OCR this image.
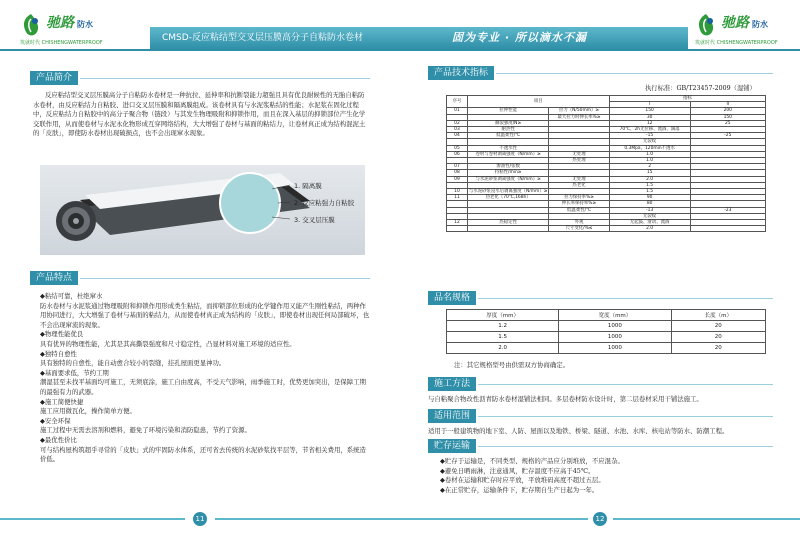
驰路 防水
筑就时代 CHISHENGWATERPROOF	CMSD-反应粘结型交叉层压膜高分子自粘防水卷材
产品简介
反应粘结型交叉层压膜高分子自粘防水卷材是一种抗拉、延伸率和抗断裂能力超强且具有优良耐候性的无胎自粘防水卷材，由反应粘结力自粘胶、进口交叉层压膜和隔离膜组成。该卷材具有与水泥浆粘结的性能；水泥浆在固化过程中，反应粘结力自粘胶中的高分子聚合物（链段）与其发生物理吸附和抑锁作用，而且在深入基层的抑锁部位产生化学交联作用，从而使卷材与水泥永化物形成互穿网络结构，大大增强了卷材与基面的粘结力，让卷材真正成为结构混泥土的「皮肤」，即使防水卷材出现破损点，也不会出现窜水现象。
1. 隔离膜
2. 反应粘强力自粘胶
3. 交叉层压膜
产品特点

◆粘结可靠，杜绝窜水

防水卷材与水泥浆通过物理吸附和抑锁作用形成类生粘结，而抑锁部位形成的化学键作用又能产生刚性粘结，两种作用协同进行，大大增强了卷材与基面的粘结力，从而使卷材真正成为结构的「皮肤」，即使卷材出现任何局部破坏，也不会出现窜流的现象。

◆物理性能优良

具有优异的物理性能，尤其是其高撕裂强度和尺寸稳定性，凸显材料对施工环境的适应性。

◆独特自愈性

具有独特的自愈性，能自动愈合较小的裂缝，挂孔屋面更显神功。

◆基面要求低，节约工期

潮湿甚至未找平基面均可施工，无须底涂，施工自由度高，不受天气影响，雨季施工时，优势更加突出，是保障工期的最强有力的武器。

◆施工简便快捷

施工应用微瓦化，操作简单方便。

◆安全环保

施工过程中无需去溶剂和燃料，避免了环境污染和消防隐患，节约了资源。

◆最优性价比

可与结构屋构筑超乎寻常的「皮肤」式的牢固防水体系，还可省去传统的水泥砂浆找平层等，节省相关费用，系统造价低。

11
固为专业 · 所以滴水不漏
驰路 防水
筑就时代 CHISHENGWATERPROOF
产品技术指标
执行标准：GB/T23457-2009（湿铺）
序号	项目		指标	
			I	II
01	拉伸性能	拉力（N/50mm）≥	150	200
		最大拉力时伸长率%≥	30	150
02	撕裂强度/N≥		12	25
03	耐热性		70℃，2h无位移、流淌、滴落	
04	低温柔性/℃		-15	-25
			无裂纹	
05	不透水性		0.3Mpa，120min不透水	
06	卷材与卷材剥离强度（N/mm）≥	无处理	1.0	
		热处理	1.0	
07	渗油性/张数		2	
08	持粘性/min≥		15	
09	与水泥砂浆剥离强度（N/mm）≥	无处理	2.0	
		热老化	1.5	
10	与水泥砂浆浸水后剥离强度（N/mm）≥		1.5	
11	热老化（70℃,168h）	拉力保持率%≥	90	
		伸长率保持率%≥	80	
		低温柔性/℃	-13	-23
			无裂纹	
12	热稳定性	外观	无起鼓、滑动、流淌	
		尺寸变化/%≤	2.0	
品名规格
厚度（mm）	宽度（mm）	长度（m）
1.2	1000	20
1.5	1000	20
2.0	1000	20
注：其它规格型号由供需双方协商确定。
施工方法
与自粘聚合物改性沥青防水卷材湿铺法相同。多层卷材防水设计时，第二层卷材采用干铺法施工。
适用范围
适用于一般建筑物的地下室、人防、屋面以及地铁、桥梁、隧道、水池、水库、核电站等防水、防潮工程。
贮存运输

◆贮存于运输是，不同类型、规格的产品应分别堆放，不应混杂。

◆避免日晒雨淋，注意通风，贮存温度不应高于45℃。

◆卷材在运输和贮存时应平放，平放堆码高度不超过五层。

◆在正常贮存，运输条件下，贮存期自生产日起为一年。

12
